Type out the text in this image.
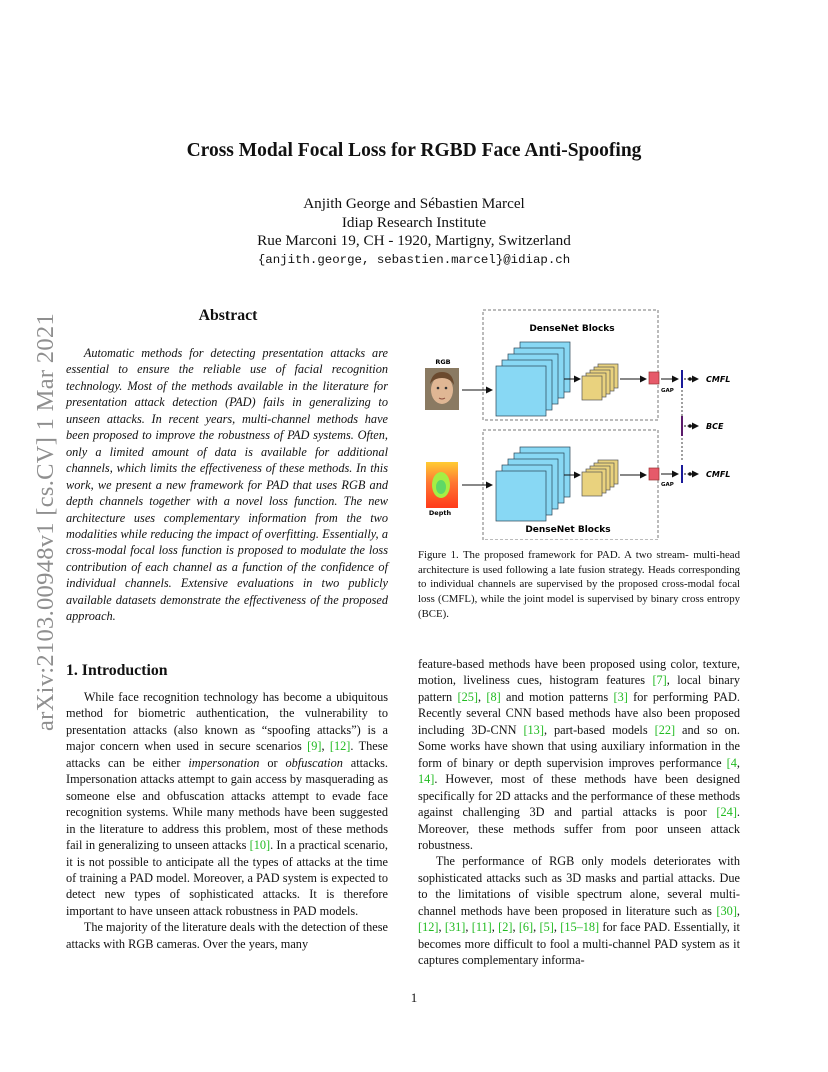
arXiv:2103.00948v1 [cs.CV] 1 Mar 2021
Cross Modal Focal Loss for RGBD Face Anti-Spoofing
Anjith George and Sébastien Marcel
Idiap Research Institute
Rue Marconi 19, CH - 1920, Martigny, Switzerland
{anjith.george, sebastien.marcel}@idiap.ch
Abstract

Automatic methods for detecting presentation attacks are essential to ensure the reliable use of facial recognition technology. Most of the methods available in the literature for presentation attack detection (PAD) fails in generalizing to unseen attacks. In recent years, multi-channel methods have been proposed to improve the robustness of PAD systems. Often, only a limited amount of data is available for additional channels, which limits the effectiveness of these methods. In this work, we present a new framework for PAD that uses RGB and depth channels together with a novel loss function. The new architecture uses complementary information from the two modalities while reducing the impact of overfitting. Essentially, a cross-modal focal loss function is proposed to modulate the loss contribution of each channel as a function of the confidence of individual channels. Extensive evaluations in two publicly available datasets demonstrate the effectiveness of the proposed approach.

1. Introduction

While face recognition technology has become a ubiquitous method for biometric authentication, the vulnerability to presentation attacks (also known as “spoofing attacks”) is a major concern when used in secure scenarios [9], [12]. These attacks can be either impersonation or obfuscation attacks. Impersonation attacks attempt to gain access by masquerading as someone else and obfuscation attacks attempt to evade face recognition systems. While many methods have been suggested in the literature to address this problem, most of these methods fail in generalizing to unseen attacks [10]. In a practical scenario, it is not possible to anticipate all the types of attacks at the time of training a PAD model. Moreover, a PAD system is expected to detect new types of sophisticated attacks. It is therefore important to have unseen attack robustness in PAD models.

The majority of the literature deals with the detection of these attacks with RGB cameras. Over the years, many

feature-based methods have been proposed using color, texture, motion, liveliness cues, histogram features [7], local binary pattern [25], [8] and motion patterns [3] for performing PAD. Recently several CNN based methods have also been proposed including 3D-CNN [13], part-based models [22] and so on. Some works have shown that using auxiliary information in the form of binary or depth supervision improves performance [4, 14]. However, most of these methods have been designed specifically for 2D attacks and the performance of these methods against challenging 3D and partial attacks is poor [24]. Moreover, these methods suffer from poor unseen attack robustness.

The performance of RGB only models deteriorates with sophisticated attacks such as 3D masks and partial attacks. Due to the limitations of visible spectrum alone, several multi-channel methods have been proposed in literature such as [30], [12], [31], [11], [2], [6], [5], [15–18] for face PAD. Essentially, it becomes more difficult to fool a multi-channel PAD system as it captures complementary informa-

DenseNet Blocks
DenseNet Blocks
RGB
Depth
GAP
GAP
CMFL
CMFL
BCE
Figure 1. The proposed framework for PAD. A two stream- multi-head architecture is used following a late fusion strategy. Heads corresponding to individual channels are supervised by the proposed cross-modal focal loss (CMFL), while the joint model is supervised by binary cross entropy (BCE).
1
